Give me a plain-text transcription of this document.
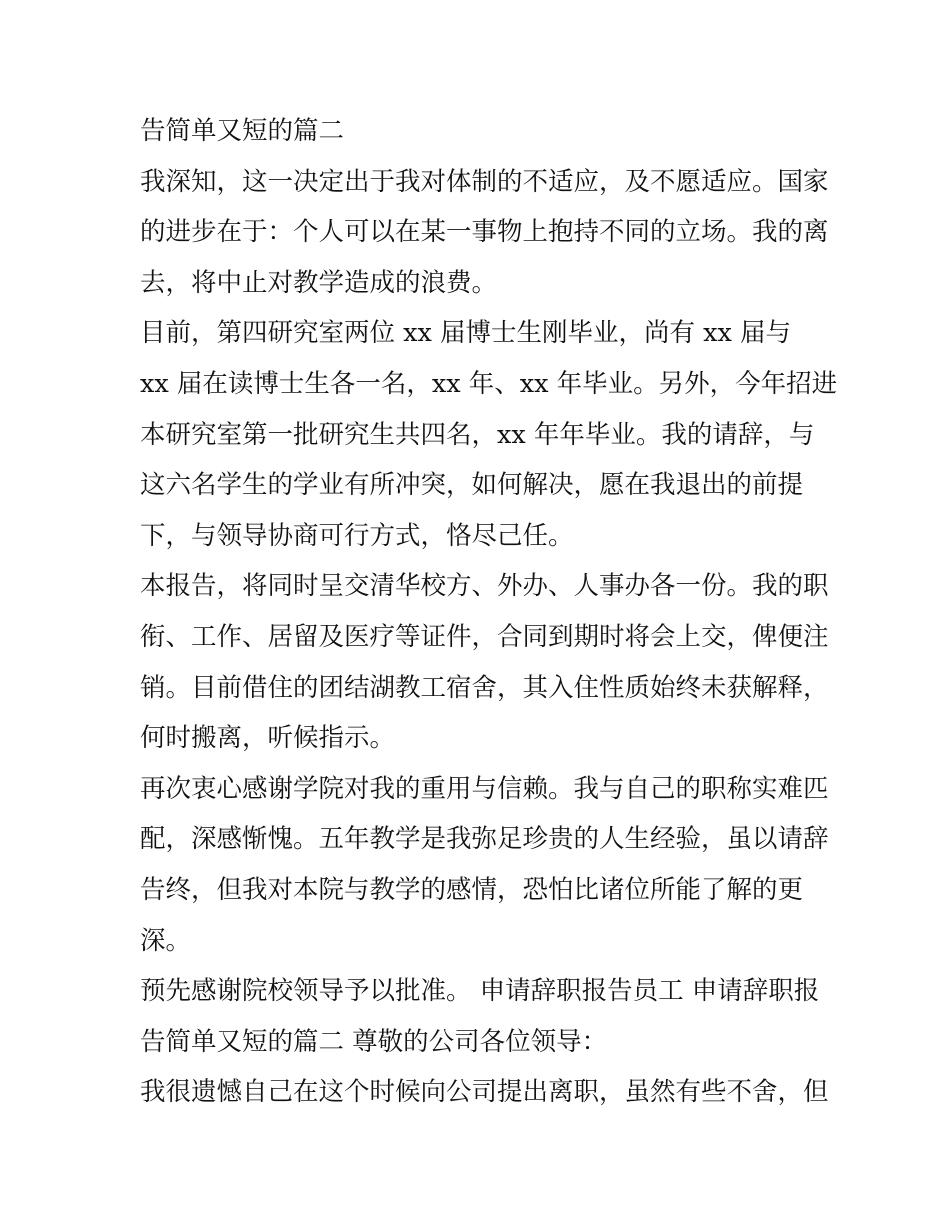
告简单又短的篇二
我深知，这一决定出于我对体制的不适应，及不愿适应。国家
的进步在于：个人可以在某一事物上抱持不同的立场。我的离
去，将中止对教学造成的浪费。
目前，第四研究室两位 xx 届博士生刚毕业，尚有 xx 届与
xx 届在读博士生各一名，xx 年、xx 年毕业。另外，今年招进
本研究室第一批研究生共四名，xx 年年毕业。我的请辞，与
这六名学生的学业有所冲突，如何解决，愿在我退出的前提
下，与领导协商可行方式，恪尽己任。
本报告，将同时呈交清华校方、外办、人事办各一份。我的职
衔、工作、居留及医疗等证件，合同到期时将会上交，俾便注
销。目前借住的团结湖教工宿舍，其入住性质始终未获解释，
何时搬离，听候指示。
再次衷心感谢学院对我的重用与信赖。我与自己的职称实难匹
配，深感惭愧。五年教学是我弥足珍贵的人生经验，虽以请辞
告终，但我对本院与教学的感情，恐怕比诸位所能了解的更
深。
预先感谢院校领导予以批准。 申请辞职报告员工 申请辞职报
告简单又短的篇二 尊敬的公司各位领导：
我很遗憾自己在这个时候向公司提出离职，虽然有些不舍，但
